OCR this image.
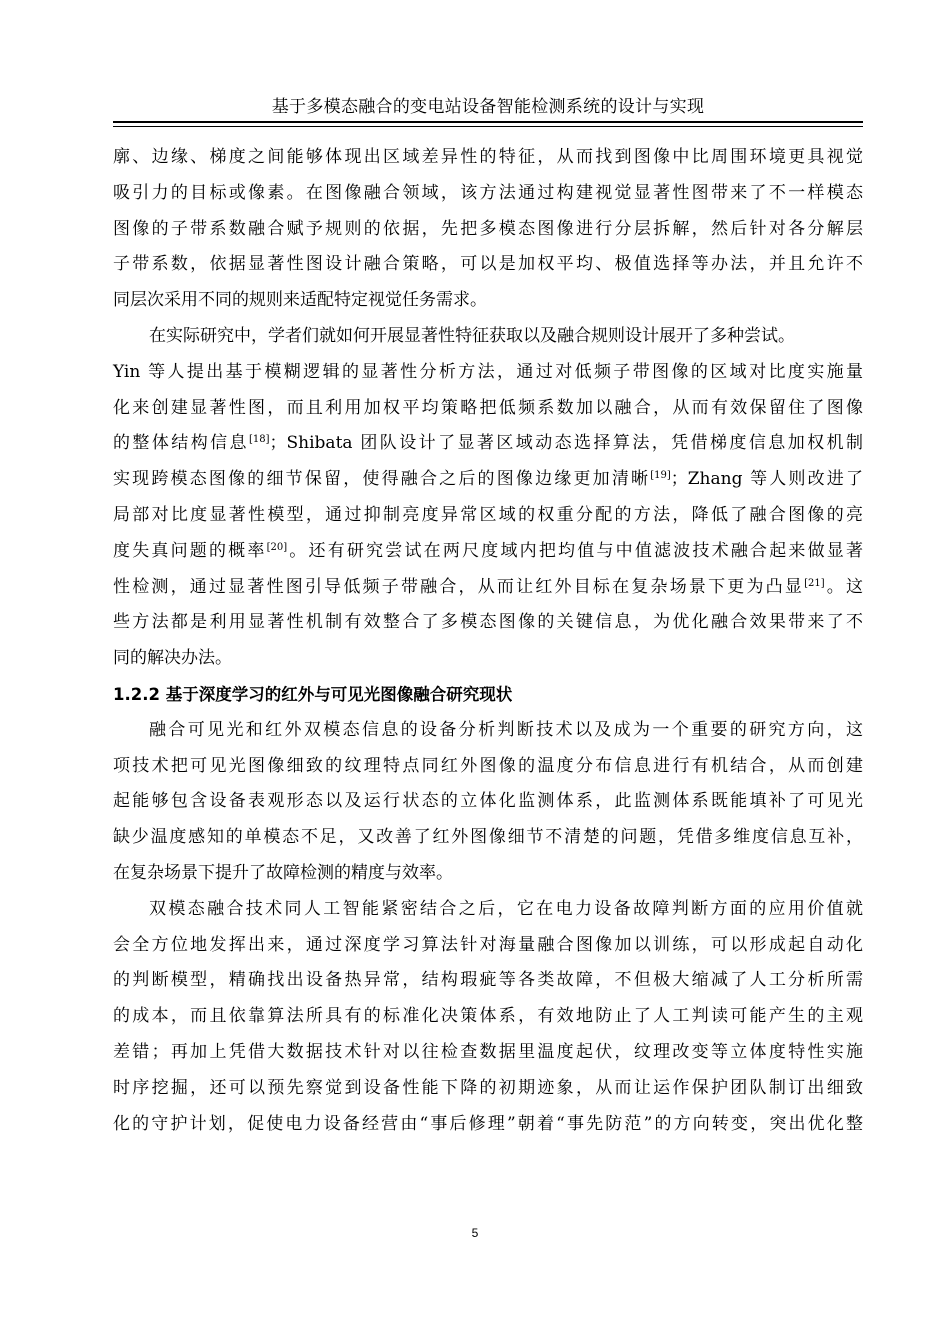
基于多模态融合的变电站设备智能检测系统的设计与实现
廓、边缘、梯度之间能够体现出区域差异性的特征，从而找到图像中比周围环境更具视觉
吸引力的目标或像素。在图像融合领域，该方法通过构建视觉显著性图带来了不一样模态
图像的子带系数融合赋予规则的依据，先把多模态图像进行分层拆解，然后针对各分解层
子带系数，依据显著性图设计融合策略，可以是加权平均、极值选择等办法，并且允许不
同层次采用不同的规则来适配特定视觉任务需求。
在实际研究中，学者们就如何开展显著性特征获取以及融合规则设计展开了多种尝试。
Yin 等人提出基于模糊逻辑的显著性分析方法，通过对低频子带图像的区域对比度实施量
化来创建显著性图，而且利用加权平均策略把低频系数加以融合，从而有效保留住了图像
的整体结构信息[18]；Shibata 团队设计了显著区域动态选择算法，凭借梯度信息加权机制
实现跨模态图像的细节保留，使得融合之后的图像边缘更加清晰[19]；Zhang 等人则改进了
局部对比度显著性模型，通过抑制亮度异常区域的权重分配的方法，降低了融合图像的亮
度失真问题的概率[20]。还有研究尝试在两尺度域内把均值与中值滤波技术融合起来做显著
性检测，通过显著性图引导低频子带融合，从而让红外目标在复杂场景下更为凸显[21]。这
些方法都是利用显著性机制有效整合了多模态图像的关键信息，为优化融合效果带来了不
同的解决办法。
1.2.2 基于深度学习的红外与可见光图像融合研究现状
融合可见光和红外双模态信息的设备分析判断技术以及成为一个重要的研究方向，这
项技术把可见光图像细致的纹理特点同红外图像的温度分布信息进行有机结合，从而创建
起能够包含设备表观形态以及运行状态的立体化监测体系，此监测体系既能填补了可见光
缺少温度感知的单模态不足，又改善了红外图像细节不清楚的问题，凭借多维度信息互补，
在复杂场景下提升了故障检测的精度与效率。
双模态融合技术同人工智能紧密结合之后，它在电力设备故障判断方面的应用价值就
会全方位地发挥出来，通过深度学习算法针对海量融合图像加以训练，可以形成起自动化
的判断模型，精确找出设备热异常，结构瑕疵等各类故障，不但极大缩减了人工分析所需
的成本，而且依靠算法所具有的标准化决策体系，有效地防止了人工判读可能产生的主观
差错；再加上凭借大数据技术针对以往检查数据里温度起伏，纹理改变等立体度特性实施
时序挖掘，还可以预先察觉到设备性能下降的初期迹象，从而让运作保护团队制订出细致
化的守护计划，促使电力设备经营由“事后修理”朝着“事先防范”的方向转变，突出优化整
5
